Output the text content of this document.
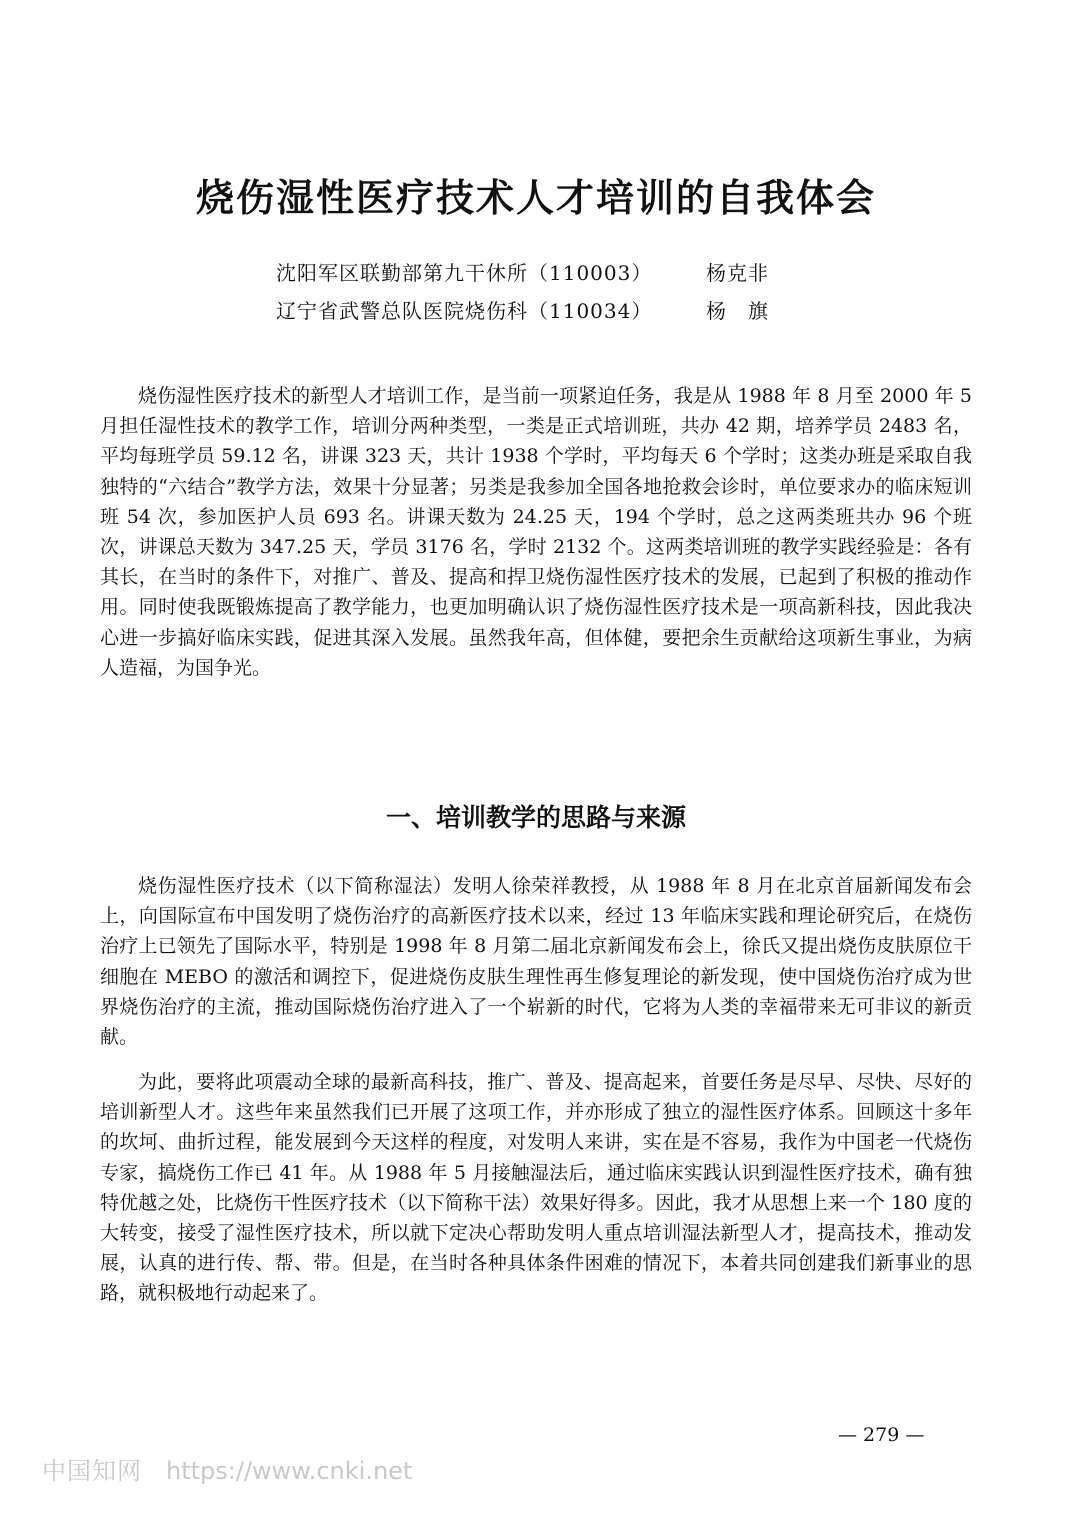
烧伤湿性医疗技术人才培训的自我体会
沈阳军区联勤部第九干休所（110003）	杨克非
辽宁省武警总队医院烧伤科（110034）	杨　旗

烧伤湿性医疗技术的新型人才培训工作，是当前一项紧迫任务，我是从 1988 年 8 月至 2000 年 5 月担任湿性技术的教学工作，培训分两种类型，一类是正式培训班，共办 42 期，培养学员 2483 名，平均每班学员 59.12 名，讲课 323 天，共计 1938 个学时，平均每天 6 个学时；这类办班是采取自我独特的“六结合”教学方法，效果十分显著；另类是我参加全国各地抢救会诊时，单位要求办的临床短训班 54 次，参加医护人员 693 名。讲课天数为 24.25 天，194 个学时，总之这两类班共办 96 个班次，讲课总天数为 347.25 天，学员 3176 名，学时 2132 个。这两类培训班的教学实践经验是：各有其长，在当时的条件下，对推广、普及、提高和捍卫烧伤湿性医疗技术的发展，已起到了积极的推动作用。同时使我既锻炼提高了教学能力，也更加明确认识了烧伤湿性医疗技术是一项高新科技，因此我决心进一步搞好临床实践，促进其深入发展。虽然我年高，但体健，要把余生贡献给这项新生事业，为病人造福，为国争光。

一、培训教学的思路与来源

烧伤湿性医疗技术（以下简称湿法）发明人徐荣祥教授，从 1988 年 8 月在北京首届新闻发布会上，向国际宣布中国发明了烧伤治疗的高新医疗技术以来，经过 13 年临床实践和理论研究后，在烧伤治疗上已领先了国际水平，特别是 1998 年 8 月第二届北京新闻发布会上，徐氏又提出烧伤皮肤原位干细胞在 MEBO 的激活和调控下，促进烧伤皮肤生理性再生修复理论的新发现，使中国烧伤治疗成为世界烧伤治疗的主流，推动国际烧伤治疗进入了一个崭新的时代，它将为人类的幸福带来无可非议的新贡献。

为此，要将此项震动全球的最新高科技，推广、普及、提高起来，首要任务是尽早、尽快、尽好的培训新型人才。这些年来虽然我们已开展了这项工作，并亦形成了独立的湿性医疗体系。回顾这十多年的坎坷、曲折过程，能发展到今天这样的程度，对发明人来讲，实在是不容易，我作为中国老一代烧伤专家，搞烧伤工作已 41 年。从 1988 年 5 月接触湿法后，通过临床实践认识到湿性医疗技术，确有独特优越之处，比烧伤干性医疗技术（以下简称干法）效果好得多。因此，我才从思想上来一个 180 度的大转变，接受了湿性医疗技术，所以就下定决心帮助发明人重点培训湿法新型人才，提高技术，推动发展，认真的进行传、帮、带。但是，在当时各种具体条件困难的情况下，本着共同创建我们新事业的思路，就积极地行动起来了。

— 279 —
中国知网 https://www.cnki.net
